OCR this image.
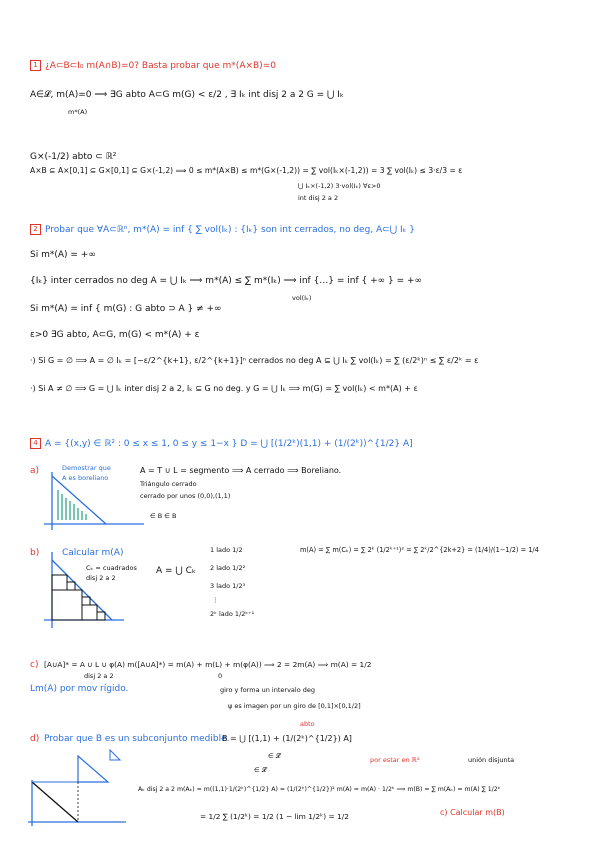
1 ¿A⊂B⊂I₀ m(A∩B)=0? Basta probar que m*(A×B)=0
A∈𝓛, m(A)=0 ⟹ ∃G abto A⊂G m(G) < ε/2 , ∃ Iₖ int disj 2 a 2 G = ⋃ Iₖ
m*(A)
G×(-1/2) abto ⊂ ℝ²
A×B ⊆ A×[0,1] ⊆ G×[0,1] ⊆ G×(-1,2) ⟹ 0 ≤ m*(A×B) ≤ m*(G×(-1,2)) = ∑ vol(Iₖ×(-1,2)) = 3 ∑ vol(Iₖ) ≤ 3·ε/3 = ε
⋃ Iₖ×(-1,2) 3·vol(Iₖ) ∀ε>0
int disj 2 a 2
2 Probar que ∀A⊂ℝⁿ, m*(A) = inf { ∑ vol(Iₖ) : {Iₖ} son int cerrados, no deg, A⊂⋃ Iₖ }
Si m*(A) = +∞
{Iₖ} inter cerrados no deg A = ⋃ Iₖ ⟹ m*(A) ≤ ∑ m*(Iₖ) ⟹ inf {…} = inf { +∞ } = +∞
vol(Iₖ)
Si m*(A) = inf { m(G) : G abto ⊃ A } ≠ +∞
ε>0 ∃G abto, A⊂G, m(G) < m*(A) + ε
·) Si G = ∅ ⟹ A = ∅ Iₖ = [−ε/2^{k+1}, ε/2^{k+1}]ⁿ cerrados no deg A ⊆ ⋃ Iₖ ∑ vol(Iₖ) = ∑ (ε/2ᵏ)ⁿ ≤ ∑ ε/2ᵏ = ε
·) Si A ≠ ∅ ⟹ G = ⋃ Iₖ inter disj 2 a 2, Iₖ ⊆ G no deg. y G = ⋃ Iₖ ⟹ m(G) = ∑ vol(Iₖ) < m*(A) + ε
4 A = {(x,y) ∈ ℝ² : 0 ≤ x ≤ 1, 0 ≤ y ≤ 1−x } D = ⋃ [(1/2ᵏ)(1,1) + (1/(2ᵏ))^{1/2} A]
a)	Demostrar que
A es boreliano
A = T ∪ L = segmento ⟹ A cerrado ⟹ Boreliano.
Triángulo cerrado
cerrado por unos (0,0),(1,1)
∈ B ∈ B
b)	Calcular m(A)
Cₖ = cuadrados
disj 2 a 2
A = ⋃ Cₖ
1 lado 1/2
2 lado 1/2²
3 lado 1/2³
⋮
2ᵏ lado 1/2ᵏ⁺¹
m(A) = ∑ m(Cₖ) = ∑ 2ᵏ (1/2ᵏ⁺¹)² = ∑ 2ᵏ/2^{2k+2} = (1/4)/(1−1/2) = 1/4
c) [A∪A]* = A ∪ L ∪ φ(A) m([A∪A]*) = m(A) + m(L) + m(φ(A)) ⟹ 2 = 2m(A) ⟹ m(A) = 1/2
Lm(A) por mov rígido.
disj 2 a 2	0
giro y forma un intervalo deg
ψ es imagen por un giro de [0,1]×[0,1/2]
d) Probar que B es un subconjunto medible.
B = ⋃ [(1,1) + (1/(2ᵏ)^{1/2}) A]
abto
∈ 𝓛
∈ 𝓛
por estar en ℝ²	unión disjunta
Aₖ disj 2 a 2 m(Aₖ) = m((1,1)·1/(2ᵏ)^{1/2} A) = (1/(2ᵏ)^{1/2})² m(A) = m(A) · 1/2ᵏ ⟹ m(B) = ∑ m(Aₖ) = m(A) ∑ 1/2ᵏ
= 1/2 ∑ (1/2ᵏ) = 1/2 (1 − lim 1/2ᵏ) = 1/2	c) Calcular m(B)
